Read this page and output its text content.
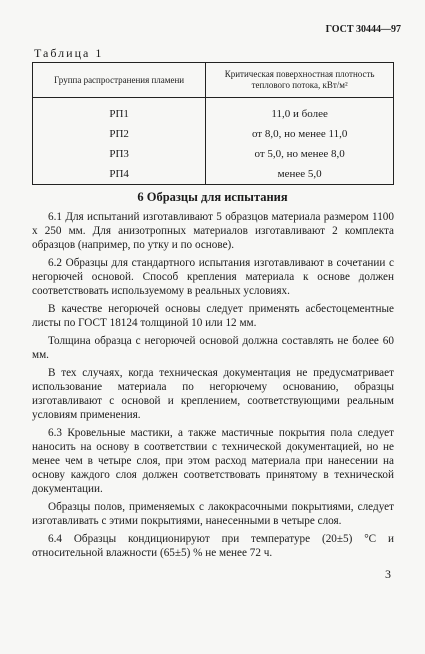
ГОСТ 30444—97
Таблица 1
Группа распространения пламени	Критическая поверхностная плотность теплового потока, кВт/м²
РП1	11,0 и более
РП2	от 8,0, но менее 11,0
РП3	от 5,0, но менее 8,0
РП4	менее 5,0
6 Образцы для испытания

6.1 Для испытаний изготавливают 5 образцов материала размером 1100 x 250 мм. Для анизотропных материалов изготавливают 2 комплекта образцов (например, по утку и по основе).

6.2 Образцы для стандартного испытания изготавливают в сочетании с негорючей основой. Способ крепления материала к основе должен соответствовать используемому в реальных условиях.

В качестве негорючей основы следует применять асбестоцементные листы по ГОСТ 18124 толщиной 10 или 12 мм.

Толщина образца с негорючей основой должна составлять не более 60 мм.

В тех случаях, когда техническая документация не предусматривает использование материала по негорючему основанию, образцы изготавливают с основой и креплением, соответствующими реальным условиям применения.

6.3 Кровельные мастики, а также мастичные покрытия пола следует наносить на основу в соответствии с технической документацией, но не менее чем в четыре слоя, при этом расход материала при нанесении на основу каждого слоя должен соответствовать принятому в технической документации.

Образцы полов, применяемых с лакокрасочными покрытиями, следует изготавливать с этими покрытиями, нанесенными в четыре слоя.

6.4 Образцы кондиционируют при температуре (20±5) °С и относительной влажности (65±5) % не менее 72 ч.

3
